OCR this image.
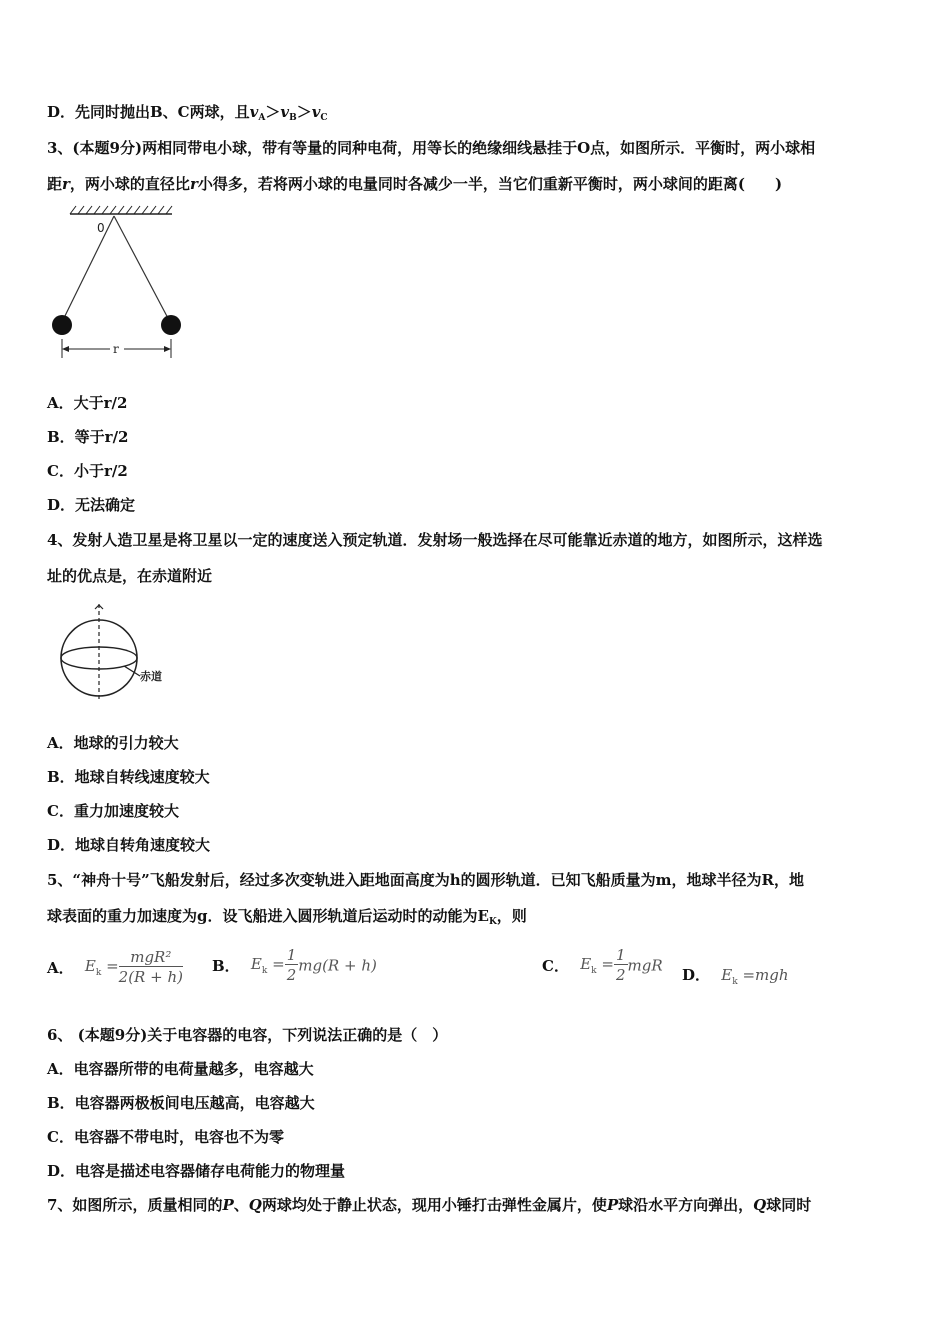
D．先同时抛出B、C两球，且$v_A>v_B>v_C$
3、(本题9分)两相同带电小球，带有等量的同种电荷，用等长的绝缘细线悬挂于O点，如图所示．平衡时，两小球相
距r，两小球的直径比r小得多，若将两小球的电量同时各减少一半，当它们重新平衡时，两小球间的距离(　　)
0
r
A．大于r/2
B．等于r/2
C．小于r/2
D．无法确定
4、发射人造卫星是将卫星以一定的速度送入预定轨道．发射场一般选择在尽可能靠近赤道的地方，如图所示，这样选
址的优点是，在赤道附近
赤道
A．地球的引力较大
B．地球自转线速度较大
C．重力加速度较大
D．地球自转角速度较大
5、“神舟十号”飞船发射后，经过多次变轨进入距地面高度为h的圆形轨道．已知飞船质量为m，地球半径为R，地
球表面的重力加速度为g．设飞船进入圆形轨道后运动时的动能为$E_K$，则
A． $E_k = \frac{\text{mgR²}}{2(R + h)}$ B． $E_k = \frac{1}{2} mg(R + h)$	C． $E_k = \frac{1}{2}$ mgR
D． $E_k =mgh$
6、 (本题9分)关于电容器的电容，下列说法正确的是（　）
A．电容器所带的电荷量越多，电容越大
B．电容器两极板间电压越高，电容越大
C．电容器不带电时，电容也不为零
D．电容是描述电容器储存电荷能力的物理量
7、如图所示，质量相同的P、Q两球均处于静止状态，现用小锤打击弹性金属片，使P球沿水平方向弹出，Q球同时
